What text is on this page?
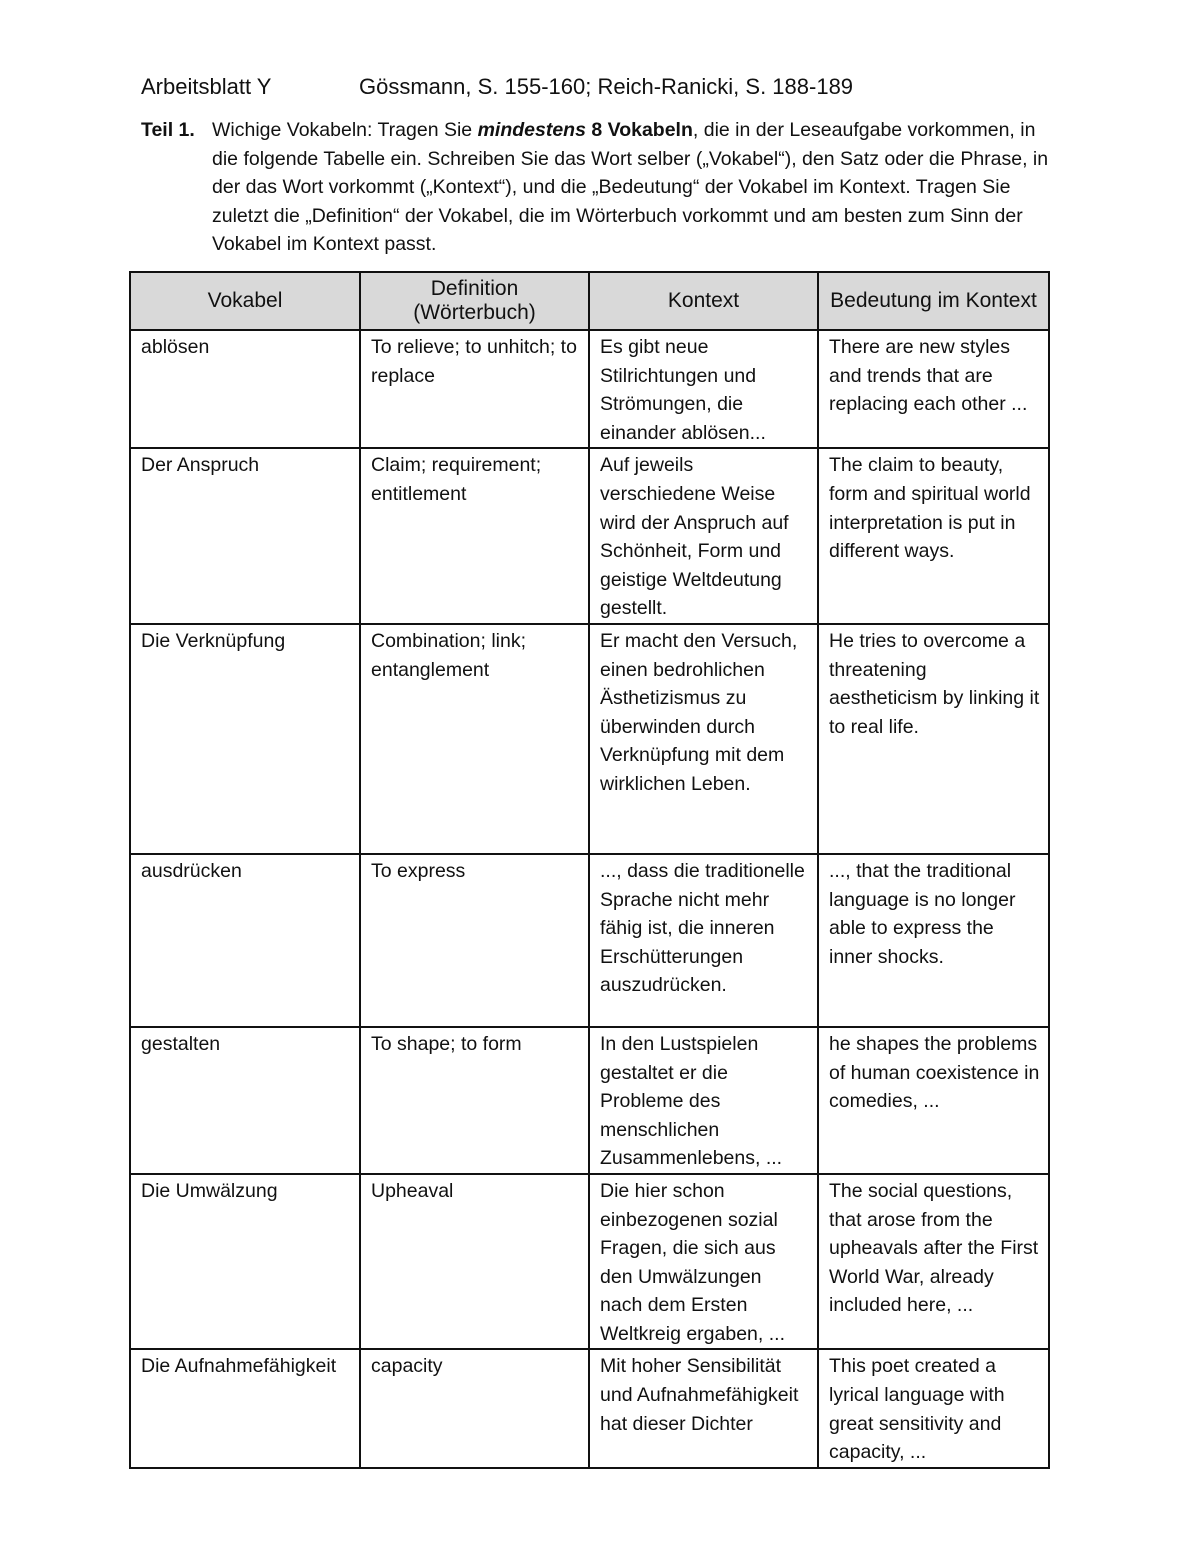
Arbeitsblatt Y	Gössmann, S. 155-160; Reich-Ranicki, S. 188-189
Teil 1. Wichige Vokabeln: Tragen Sie mindestens 8 Vokabeln, die in der Leseaufgabe vorkommen, in die folgende Tabelle ein. Schreiben Sie das Wort selber („Vokabel“), den Satz oder die Phrase, in der das Wort vorkommt („Kontext“), und die „Bedeutung“ der Vokabel im Kontext. Tragen Sie zuletzt die „Definition“ der Vokabel, die im Wörterbuch vorkommt und am besten zum Sinn der Vokabel im Kontext passt.
Vokabel	Definition (Wörterbuch)	Kontext	Bedeutung im Kontext
ablösen	To relieve; to unhitch; to replace	Es gibt neue Stilrichtungen und Strömungen, die einander ablösen...	There are new styles and trends that are replacing each other ...
Der Anspruch	Claim; requirement; entitlement	Auf jeweils verschiedene Weise wird der Anspruch auf Schönheit, Form und geistige Weltdeutung gestellt.	The claim to beauty, form and spiritual world interpretation is put in different ways.
Die Verknüpfung	Combination; link; entanglement	Er macht den Versuch, einen bedrohlichen Ästhetizismus zu überwinden durch Verknüpfung mit dem wirklichen Leben.	He tries to overcome a threatening aestheticism by linking it to real life.
ausdrücken	To express	..., dass die traditionelle Sprache nicht mehr fähig ist, die inneren Erschütterungen auszudrücken.	..., that the traditional language is no longer able to express the inner shocks.
gestalten	To shape; to form	In den Lustspielen gestaltet er die Probleme des menschlichen Zusammenlebens, ...	he shapes the problems of human coexistence in comedies, ...
Die Umwälzung	Upheaval	Die hier schon einbezogenen sozial Fragen, die sich aus den Umwälzungen nach dem Ersten Weltkreig ergaben, ...	The social questions, that arose from the upheavals after the First World War, already included here, ...
Die Aufnahmefähigkeit	capacity	Mit hoher Sensibilität und Aufnahmefähigkeit hat dieser Dichter	This poet created a lyrical language with great sensitivity and capacity, ...
